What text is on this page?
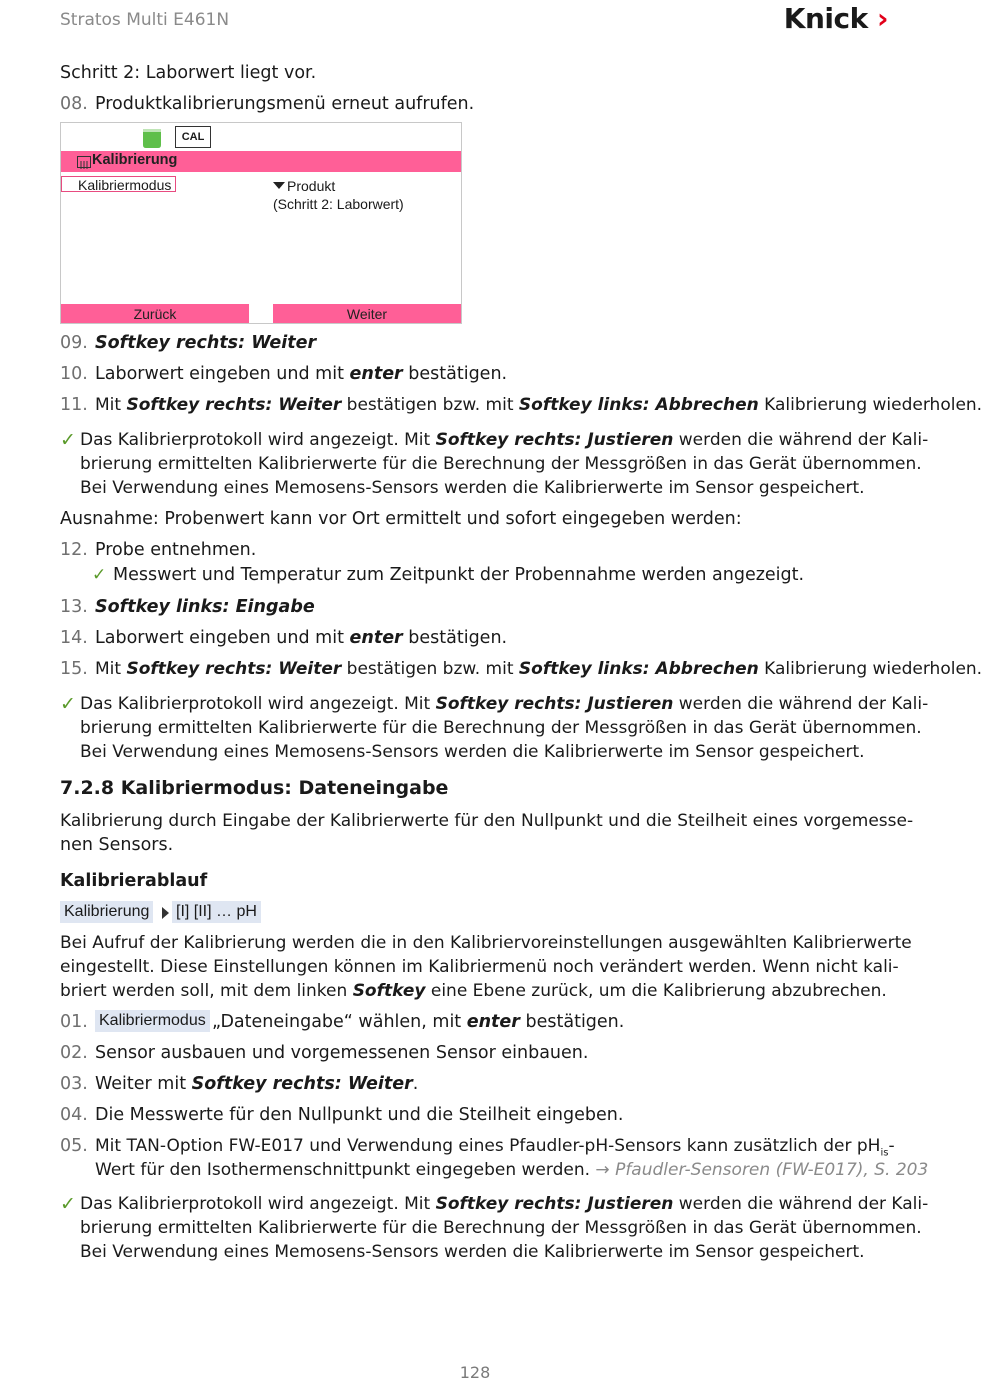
Stratos Multi E461N	Knick ›
Schritt 2: Laborwert liegt vor.
08. Produktkalibrierungsmenü erneut aufrufen.
CAL
Kalibrierung
Kalibriermodus	Produkt
(Schritt 2: Laborwert)
Zurück	Weiter
09. Softkey rechts: Weiter
10. Laborwert eingeben und mit enter bestätigen.
11. Mit Softkey rechts: Weiter bestätigen bzw. mit Softkey links: Abbrechen Kalibrierung wiederholen.
✓ Das Kalibrierprotokoll wird angezeigt. Mit Softkey rechts: Justieren werden die während der Kali-
brierung ermittelten Kalibrierwerte für die Berechnung der Messgrößen in das Gerät übernommen.
Bei Verwendung eines Memosens-Sensors werden die Kalibrierwerte im Sensor gespeichert.
Ausnahme: Probenwert kann vor Ort ermittelt und sofort eingegeben werden:
12. Probe entnehmen.
✓ Messwert und Temperatur zum Zeitpunkt der Probennahme werden angezeigt.
13. Softkey links: Eingabe
14. Laborwert eingeben und mit enter bestätigen.
15. Mit Softkey rechts: Weiter bestätigen bzw. mit Softkey links: Abbrechen Kalibrierung wiederholen.
✓ Das Kalibrierprotokoll wird angezeigt. Mit Softkey rechts: Justieren werden die während der Kali-
brierung ermittelten Kalibrierwerte für die Berechnung der Messgrößen in das Gerät übernommen.
Bei Verwendung eines Memosens-Sensors werden die Kalibrierwerte im Sensor gespeichert.
7.2.8 Kalibriermodus: Dateneingabe
Kalibrierung durch Eingabe der Kalibrierwerte für den Nullpunkt und die Steilheit eines vorgemesse-
nen Sensors.
Kalibrierablauf
Kalibrierung [I] [II] … pH
Bei Aufruf der Kalibrierung werden die in den Kalibriervoreinstellungen ausgewählten Kalibrierwerte
eingestellt. Diese Einstellungen können im Kalibriermenü noch verändert werden. Wenn nicht kali-
briert werden soll, mit dem linken Softkey eine Ebene zurück, um die Kalibrierung abzubrechen.
01. Kalibriermodus „Dateneingabe“ wählen, mit enter bestätigen.
02. Sensor ausbauen und vorgemessenen Sensor einbauen.
03. Weiter mit Softkey rechts: Weiter.
04. Die Messwerte für den Nullpunkt und die Steilheit eingeben.
05. Mit TAN-Option FW-E017 und Verwendung eines Pfaudler-pH-Sensors kann zusätzlich der $pH_{is}-$
Wert für den Isothermenschnittpunkt eingegeben werden. → Pfaudler-Sensoren (FW-E017), S. 203
✓ Das Kalibrierprotokoll wird angezeigt. Mit Softkey rechts: Justieren werden die während der Kali-
brierung ermittelten Kalibrierwerte für die Berechnung der Messgrößen in das Gerät übernommen.
Bei Verwendung eines Memosens-Sensors werden die Kalibrierwerte im Sensor gespeichert.
128
